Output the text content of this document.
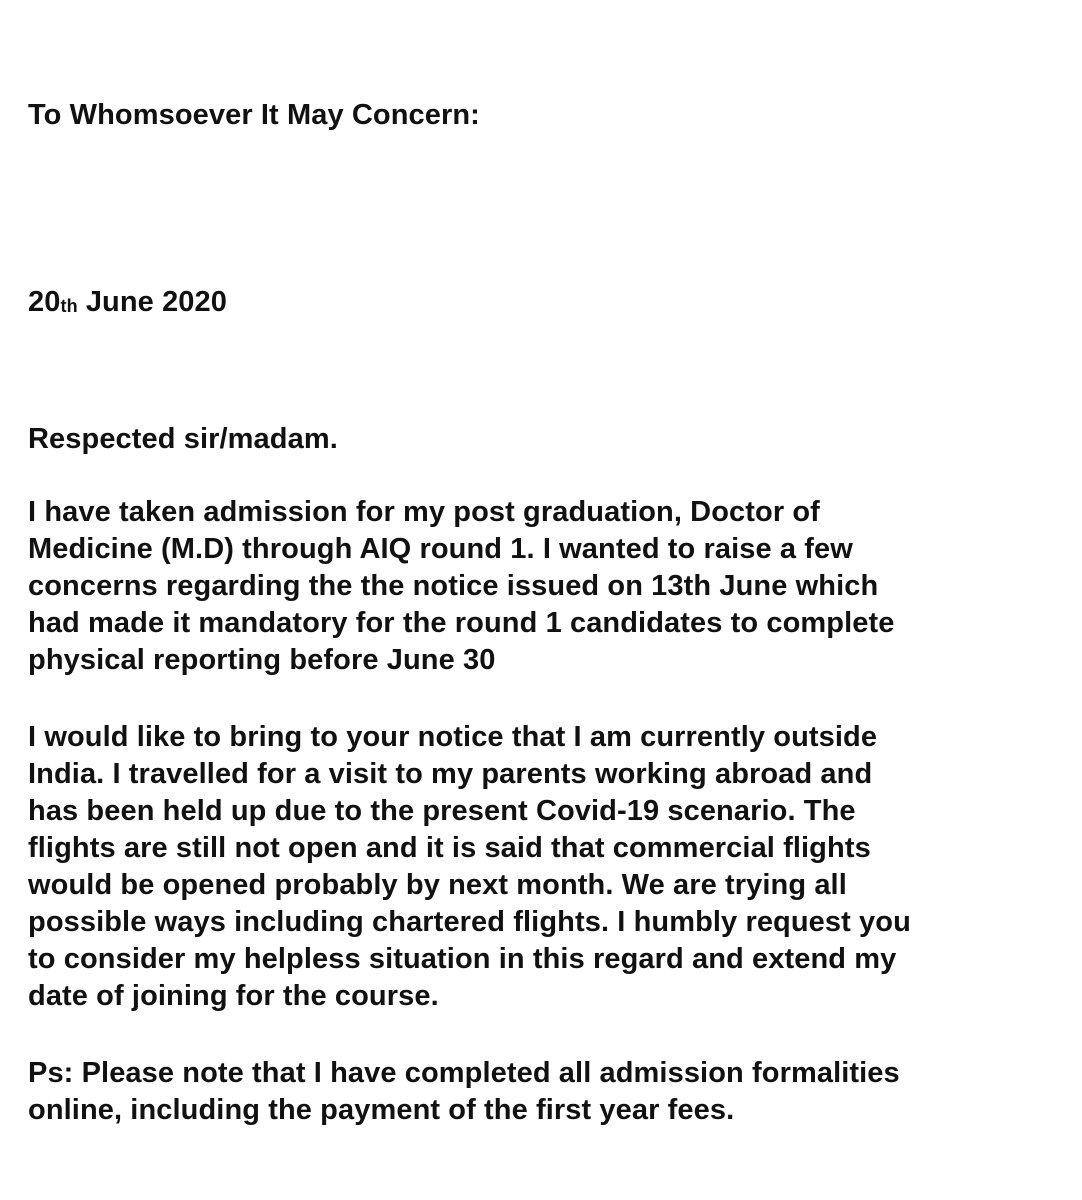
To Whomsoever It May Concern:
$20_{th}$ June 2020
Respected sir/madam.
I have taken admission for my post graduation, Doctor of
Medicine (M.D) through AIQ round 1. I wanted to raise a few
concerns regarding the the notice issued on 13th June which
had made it mandatory for the round 1 candidates to complete
physical reporting before June 30
I would like to bring to your notice that I am currently outside
India. I travelled for a visit to my parents working abroad and
has been held up due to the present Covid-19 scenario. The
flights are still not open and it is said that commercial flights
would be opened probably by next month. We are trying all
possible ways including chartered flights. I humbly request you
to consider my helpless situation in this regard and extend my
date of joining for the course.
Ps: Please note that I have completed all admission formalities
online, including the payment of the first year fees.
